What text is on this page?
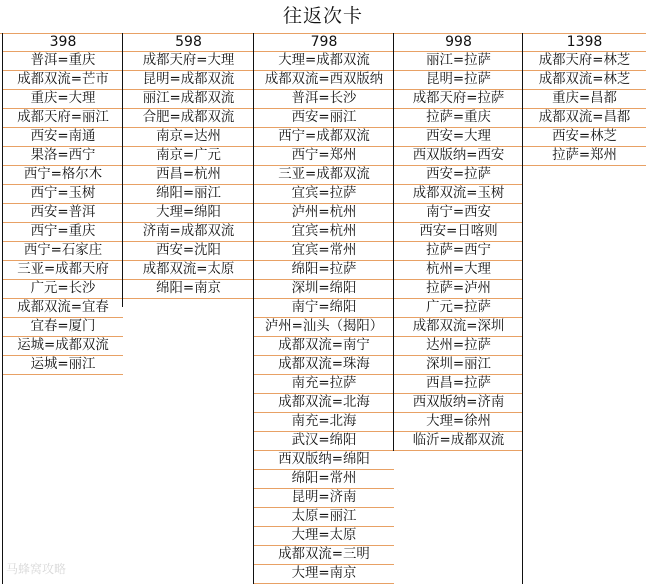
往返次卡
398
普洱=重庆
成都双流=芒市
重庆=大理
成都天府=丽江
西安=南通
果洛=西宁
西宁=格尔木
西宁=玉树
西安=普洱
西宁=重庆
西宁=石家庄
三亚=成都天府
广元=长沙
成都双流=宜春
宜春=厦门
运城=成都双流
运城=丽江
598
成都天府=大理
昆明=成都双流
丽江=成都双流
合肥=成都双流
南京=达州
南京=广元
西昌=杭州
绵阳=丽江
大理=绵阳
济南=成都双流
西安=沈阳
成都双流=太原
绵阳=南京
798
大理=成都双流
成都双流=西双版纳
普洱=长沙
西安=丽江
西宁=成都双流
西宁=郑州
三亚=成都双流
宜宾=拉萨
泸州=杭州
宜宾=杭州
宜宾=常州
绵阳=拉萨
深圳=绵阳
南宁=绵阳
泸州=汕头（揭阳）
成都双流=南宁
成都双流=珠海
南充=拉萨
成都双流=北海
南充=北海
武汉=绵阳
西双版纳=绵阳
绵阳=常州
昆明=济南
太原=丽江
大理=太原
成都双流=三明
大理=南京
998
丽江=拉萨
昆明=拉萨
成都天府=拉萨
拉萨=重庆
西安=大理
西双版纳=西安
西安=拉萨
成都双流=玉树
南宁=西安
西安=日喀则
拉萨=西宁
杭州=大理
拉萨=泸州
广元=拉萨
成都双流=深圳
达州=拉萨
深圳=丽江
西昌=拉萨
西双版纳=济南
大理=徐州
临沂=成都双流
1398
成都天府=林芝
成都双流=林芝
重庆=昌都
成都双流=昌都
西安=林芝
拉萨=郑州
马蜂窝攻略
